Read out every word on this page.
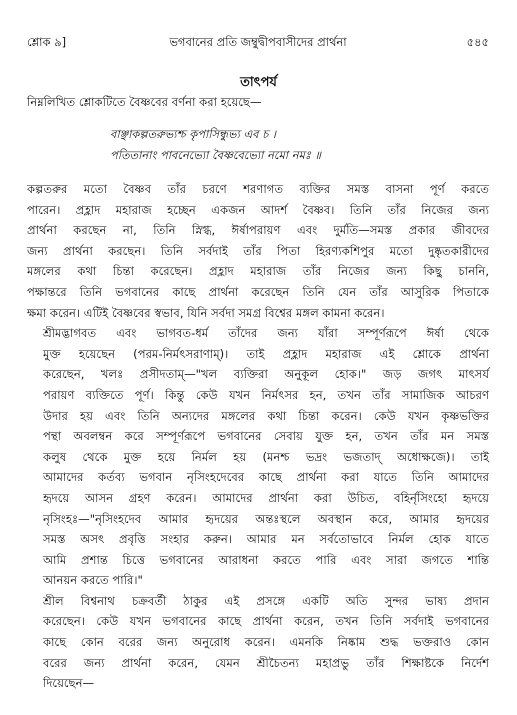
শ্লোক ৯]	ভগবানের প্রতি জম্বুদ্বীপবাসীদের প্রার্থনা	৫৪৫
তাৎপর্য
নিম্নলিখিত শ্লোকটিতে বৈষ্ণবের বর্ণনা করা হয়েছে—
বাঞ্ছাকল্পতরুভ্যশ্চ কৃপাসিন্ধুভ্য এব চ ।
পতিতানাং পাবনেভ্যো বৈষ্ণবেভ্যো নমো নমঃ ॥

কল্পতরুর মতো বৈষ্ণব তাঁর চরণে শরণাগত ব্যক্তির সমস্ত বাসনা পূর্ণ করতে
পারেন। প্রহ্লাদ মহারাজ হচ্ছেন একজন আদর্শ বৈষ্ণব। তিনি তাঁর নিজের জন্য
প্রার্থনা করছেন না, তিনি স্নিগ্ধ, ঈর্ষাপরায়ণ এবং দুর্মতি—সমস্ত প্রকার জীবদের
জন্য প্রার্থনা করছেন। তিনি সর্বদাই তাঁর পিতা হিরণ্যকশিপুর মতো দুষ্কৃতকারীদের
মঙ্গলের কথা চিন্তা করেছেন। প্রহ্লাদ মহারাজ তাঁর নিজের জন্য কিছু চাননি,
পক্ষান্তরে তিনি ভগবানের কাছে প্রার্থনা করেছেন তিনি যেন তাঁর আসুরিক পিতাকে
ক্ষমা করেন। এটিই বৈষ্ণবের স্বভাব, যিনি সর্বদা সমগ্র বিশ্বের মঙ্গল কামনা করেন।

শ্রীমদ্ভাগবত এবং ভাগবত-ধর্ম তাঁদের জন্য যাঁরা সম্পূর্ণরূপে ঈর্ষা থেকে
মুক্ত হয়েছেন (পরম-নির্মৎসরাণাম্)। তাই প্রহ্লাদ মহারাজ এই শ্লোকে প্রার্থনা
করেছেন, খলঃ প্রসীদতাম্—"খল ব্যক্তিরা অনুকূল হোক।" জড় জগৎ মাৎসর্য
পরায়ণ ব্যক্তিতে পূর্ণ। কিন্তু কেউ যখন নির্মৎসর হন, তখন তাঁর সামাজিক আচরণ
উদার হয় এবং তিনি অন্যদের মঙ্গলের কথা চিন্তা করেন। কেউ যখন কৃষ্ণভক্তির
পন্থা অবলম্বন করে সম্পূর্ণরূপে ভগবানের সেবায় যুক্ত হন, তখন তাঁর মন সমস্ত
কলুষ থেকে মুক্ত হয়ে নির্মল হয় (মনশ্চ ভদ্রং ভজতাদ্ অধোক্ষজে)। তাই
আমাদের কর্তব্য ভগবান নৃসিংহদেবের কাছে প্রার্থনা করা যাতে তিনি আমাদের
হৃদয়ে আসন গ্রহণ করেন। আমাদের প্রার্থনা করা উচিত, বহির্নৃসিংহো হৃদয়ে
নৃসিংহঃ—"নৃসিংহদেব আমার হৃদয়ের অন্তঃস্থলে অবস্থান করে, আমার হৃদয়ের
সমস্ত অসৎ প্রবৃত্তি সংহার করুন। আমার মন সর্বতোভাবে নির্মল হোক যাতে
আমি প্রশান্ত চিত্তে ভগবানের আরাধনা করতে পারি এবং সারা জগতে শান্তি
আনয়ন করতে পারি।"

শ্রীল বিশ্বনাথ চক্রবর্তী ঠাকুর এই প্রসঙ্গে একটি অতি সুন্দর ভাষ্য প্রদান
করেছেন। কেউ যখন ভগবানের কাছে প্রার্থনা করেন, তখন তিনি সর্বদাই ভগবানের
কাছে কোন বরের জন্য অনুরোধ করেন। এমনকি নিষ্কাম শুদ্ধ ভক্তরাও কোন
বরের জন্য প্রার্থনা করেন, যেমন শ্রীচৈতন্য মহাপ্রভু তাঁর শিক্ষাষ্টকে নির্দেশ
দিয়েছেন—
